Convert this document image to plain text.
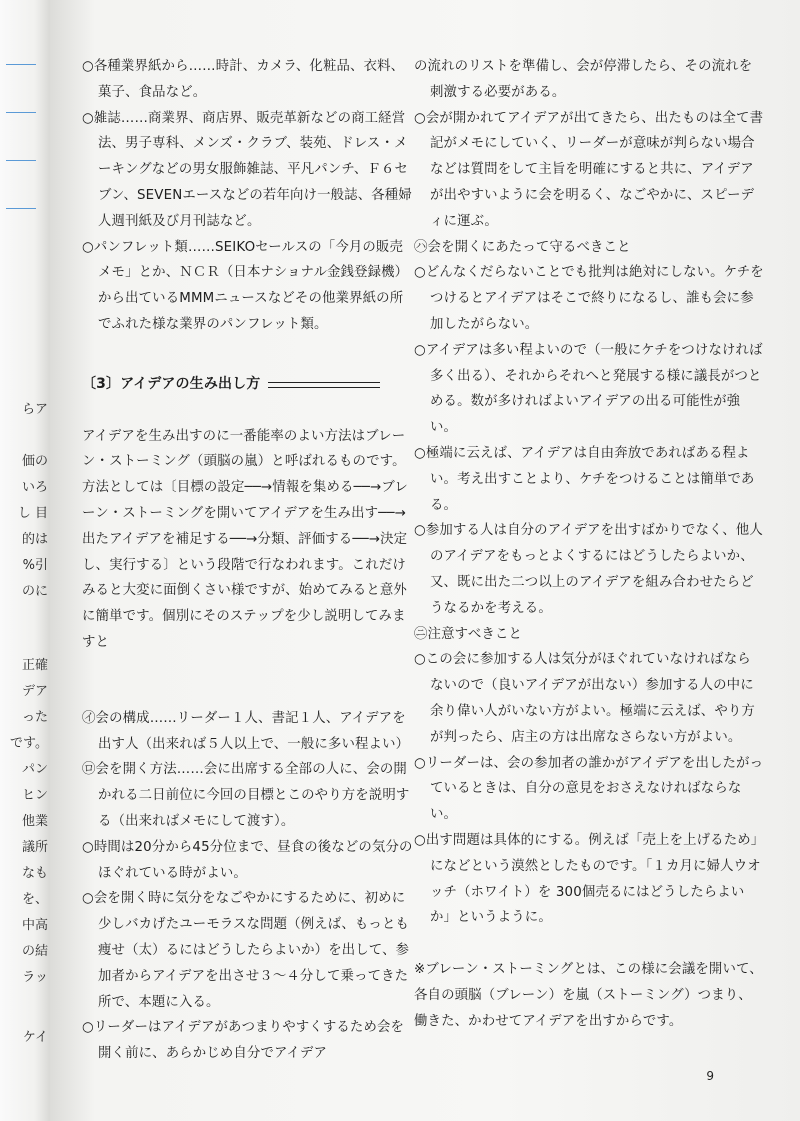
らア
価の
いろ
し 目
的は
%引
のに
正確
デア
った
です。
パン
ヒン
他業
議所
なも
を、
中高
の結
ラッ
ケイ

○各種業界紙から……時計、カメラ、化粧品、衣料、菓子、食品など。

○雑誌……商業界、商店界、販売革新などの商工経営法、男子専科、メンズ・クラブ、装苑、ドレス・メーキングなどの男女服飾雑誌、平凡パンチ、Ｆ６セブン、SEVENエースなどの若年向け一般誌、各種婦人週刊紙及び月刊誌など。

○パンフレット類……SEIKOセールスの「今月の販売メモ」とか、ＮＣＲ（日本ナショナル金銭登録機）から出ているMMMニュースなどその他業界紙の所でふれた様な業界のパンフレット類。

〔3〕アイデアの生み出し方

アイデアを生み出すのに一番能率のよい方法はブレーン・ストーミング（頭脳の嵐）と呼ばれるものです。方法としては〔目標の設定──→情報を集める──→ブレーン・ストーミングを開いてアイデアを生み出す──→出たアイデアを補足する──→分類、評価する──→決定し、実行する〕という段階で行なわれます。これだけみると大変に面倒くさい様ですが、始めてみると意外に簡単です。個別にそのステップを少し説明してみますと

㋑会の構成……リーダー１人、書記１人、アイデアを出す人（出来れば５人以上で、一般に多い程よい）

㋺会を開く方法……会に出席する全部の人に、会の開かれる二日前位に今回の目標とこのやり方を説明する（出来ればメモにして渡す）。

○時間は20分から45分位まで、昼食の後などの気分のほぐれている時がよい。

○会を開く時に気分をなごやかにするために、初めに少しバカげたユーモラスな問題（例えば、もっとも痩せ（太）るにはどうしたらよいか）を出して、参加者からアイデアを出させ３～４分して乗ってきた所で、本題に入る。

○リーダーはアイデアがあつまりやすくするため会を開く前に、あらかじめ自分でアイデア

の流れのリストを準備し、会が停滞したら、その流れを刺激する必要がある。

○会が開かれてアイデアが出てきたら、出たものは全て書記がメモにしていく、リーダーが意味が判らない場合などは質問をして主旨を明確にすると共に、アイデアが出やすいように会を明るく、なごやかに、スピーディに運ぶ。

㋩会を開くにあたって守るべきこと

○どんなくだらないことでも批判は絶対にしない。ケチをつけるとアイデアはそこで終りになるし、誰も会に参加したがらない。

○アイデアは多い程よいので（一般にケチをつけなければ多く出る）、それからそれへと発展する様に議長がつとめる。数が多ければよいアイデアの出る可能性が強い。

○極端に云えば、アイデアは自由奔放であればある程よい。考え出すことより、ケチをつけることは簡単である。

○参加する人は自分のアイデアを出すばかりでなく、他人のアイデアをもっとよくするにはどうしたらよいか、又、既に出た二つ以上のアイデアを組み合わせたらどうなるかを考える。

㋥注意すべきこと

○この会に参加する人は気分がほぐれていなければならないので（良いアイデアが出ない）参加する人の中に余り偉い人がいない方がよい。極端に云えば、やり方が判ったら、店主の方は出席なさらない方がよい。

○リーダーは、会の参加者の誰かがアイデアを出したがっているときは、自分の意見をおさえなければならない。

○出す問題は具体的にする。例えば「売上を上げるため」になどという漠然としたものです。「１カ月に婦人ウオッチ（ホワイト）を 300個売るにはどうしたらよいか」というように。

※ブレーン・ストーミングとは、この様に会議を開いて、各自の頭脳（ブレーン）を嵐（ストーミング）つまり、働きた、かわせてアイデアを出すからです。

9
